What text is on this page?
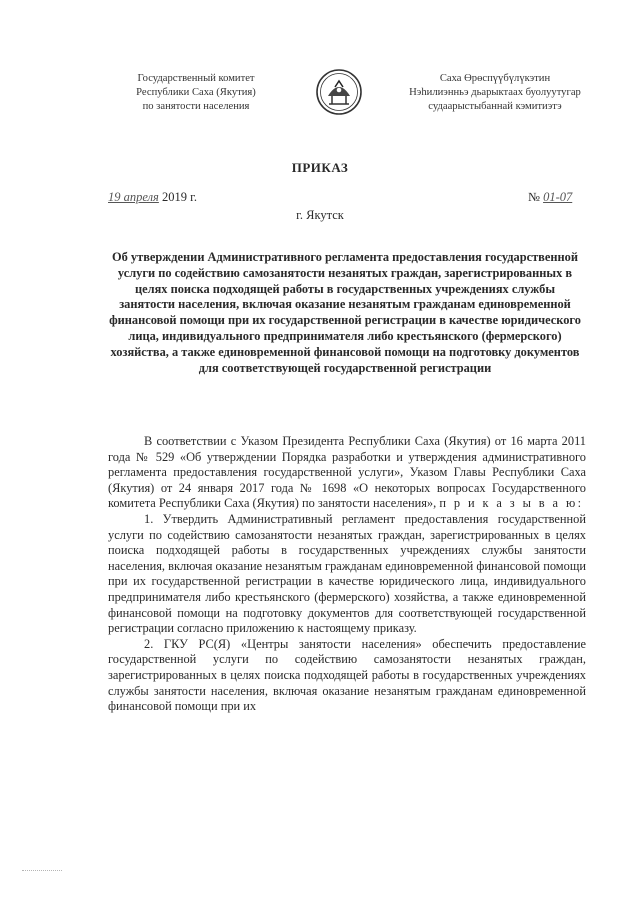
Государственный комитет
Республики Саха (Якутия)
по занятости населения
Саха Өрөспүүбүлүкэтин
Нэһилиэнньэ дьарыктаах буолуутугар
судаарыстыбаннай кэмитиэтэ
ПРИКАЗ
19 апреля 2019 г.	№ 01-07
г. Якутск
Об утверждении Административного регламента предоставления государственной услуги по содействию самозанятости незанятых граждан, зарегистрированных в целях поиска подходящей работы в государственных учреждениях службы занятости населения, включая оказание незанятым гражданам единовременной финансовой помощи при их государственной регистрации в качестве юридического лица, индивидуального предпринимателя либо крестьянского (фермерского) хозяйства, а также единовременной финансовой помощи на подготовку документов для соответствующей государственной регистрации

В соответствии с Указом Президента Республики Саха (Якутия) от 16 марта 2011 года № 529 «Об утверждении Порядка разработки и утверждения административного регламента предоставления государственной услуги», Указом Главы Республики Саха (Якутия) от 24 января 2017 года № 1698 «О некоторых вопросах Государственного комитета Республики Саха (Якутия) по занятости населения», п р и к а з ы в а ю:

1. Утвердить Административный регламент предоставления государственной услуги по содействию самозанятости незанятых граждан, зарегистрированных в целях поиска подходящей работы в государственных учреждениях службы занятости населения, включая оказание незанятым гражданам единовременной финансовой помощи при их государственной регистрации в качестве юридического лица, индивидуального предпринимателя либо крестьянского (фермерского) хозяйства, а также единовременной финансовой помощи на подготовку документов для соответствующей государственной регистрации согласно приложению к настоящему приказу.

2. ГКУ РС(Я) «Центры занятости населения» обеспечить предоставление государственной услуги по содействию самозанятости незанятых граждан, зарегистрированных в целях поиска подходящей работы в государственных учреждениях службы занятости населения, включая оказание незанятым гражданам единовременной финансовой помощи при их
